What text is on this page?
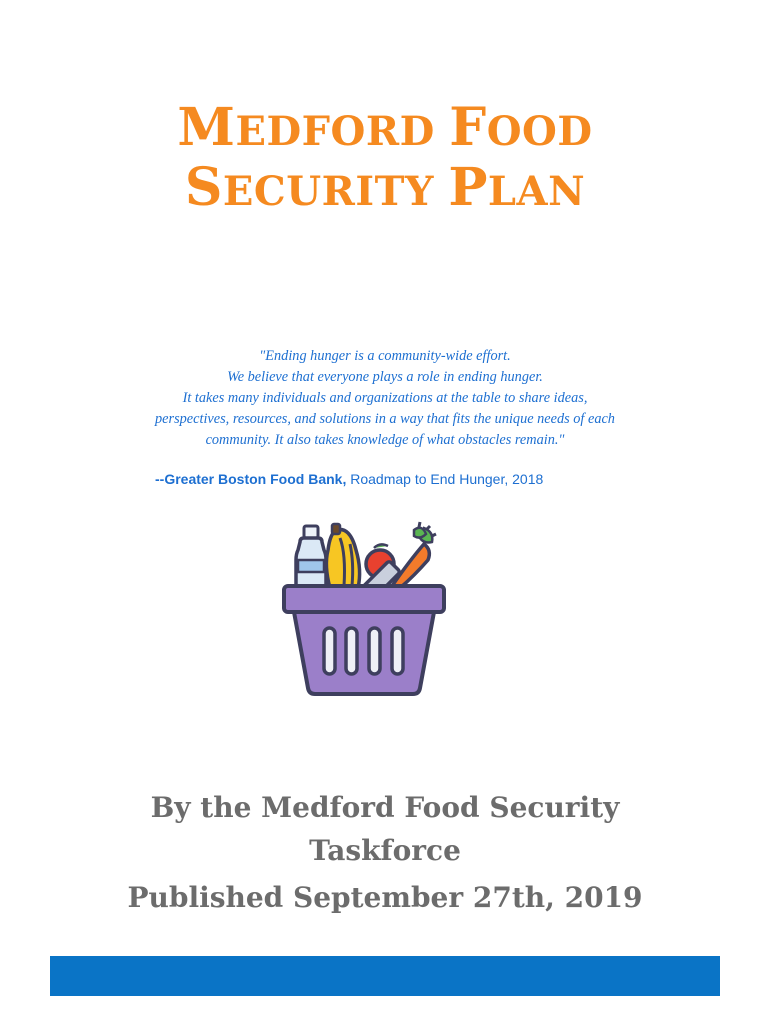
MEDFORD FOOD
SECURITY PLAN

"Ending hunger is a community-wide effort.
We believe that everyone plays a role in ending hunger.
It takes many individuals and organizations at the table to share ideas,
perspectives, resources, and solutions in a way that fits the unique needs of each
community. It also takes knowledge of what obstacles remain."

--Greater Boston Food Bank, Roadmap to End Hunger, 2018
By the Medford Food Security
Taskforce
Published September 27th, 2019
